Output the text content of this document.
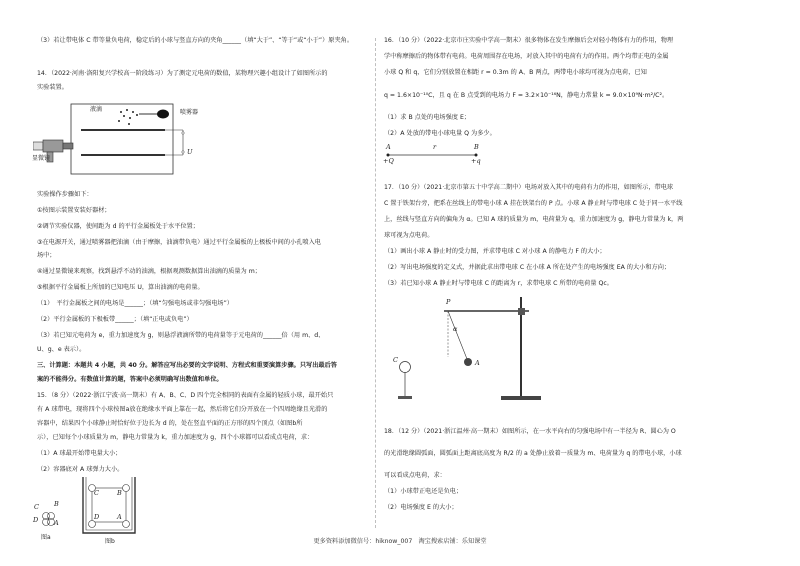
（3）若让带电体 C 带等量负电荷，稳定后的小球与竖直方向的夹角______（填“大于”、“等于”或“小于”）原夹角。
14．（2022·河南·洛阳复兴学校高一阶段练习）为了测定元电荷的数值，某物理兴趣小组设计了如图所示的
实验装置。
显微镜
液滴	喷雾器
U
实验操作步骤如下：
①按图示装置安装好器材；
②调节实验仪器，使间距为 d 的平行金属板处于水平位置；
③在电源开关，通过喷雾器把油滴（由于摩擦，油滴带负电）通过平行金属板的上极板中间的小孔喷入电
场中；
④通过显微镜来观察，找到悬浮不动的油滴，根据观测数据算出油滴的质量为 m；
⑤根据平行金属板上所加的已知电压 U，算出油滴的电荷量。
（1）　平行金属板之间的电场是______；（填“匀强电场或非匀强电场”）
（2）平行金属板的下极板带______；（填“正电或负电”）
（3）若已知元电荷为 e，重力加速度为 g，则悬浮液滴所带的电荷量等于元电荷的______倍（用 m、d、
U、g、e 表示）。
三、计算题：本题共 4 小题，共 40 分。解答应写出必要的文字说明、方程式和重要演算步骤。只写出最后答
案的不能得分。有数值计算的题，答案中必须明确写出数值和单位。
15．（8 分）（2022·浙江宁波·高一期末）有 A、B、C、D 四个完全相同的表面有金属的轻质小球，最开始只
有 A 球带电，现将四个小球按图a放在绝缘水平面上靠在一起，然后将它们分开放在一个四周绝缘且光滑的
容器中，结果四个小球静止时恰好位于边长为 d 的，处在竖直平面的正方形的四个顶点（如图b所
示），已知每个小球质量为 m，静电力常量为 k，重力加速度为 g，四个小球都可以看成点电荷，求：
（1）A 球最开始带电量大小；
（2）容器底对 A 球弹力大小。
C B
D A
图a
C	B
D	A
图b
16．（10 分）（2022·北京市庄实验中学高一期末）很多物体在发生摩擦后会对轻小物体有力的作用，物理
学中称摩擦后的物体带有电荷。电荷周围存在电场，对放入其中的电荷有力的作用。两个均带正电的金属
小球 Q 和 q，它们分别放置在相距 r = 0.3m 的 A、B 两点，两带电小球均可视为点电荷，已知
q = 1.6×10⁻¹⁰C，且 q 在 B 点受到的电场力 F = 3.2×10⁻¹⁶N，静电力常量 k = 9.0×10⁹N·m²/C²。
（1）求 B 点处的电场强度 E；
（2）A 处放的带电小球电量 Q 为多少。
A	r	B
+Q	+q
17．（10 分）（2021·北京市第五十中学高二期中）电场对放入其中的电荷有力的作用，如图所示，带电球
C 置于铁架台旁，把系在丝线上的带电小球 A 挂在铁架台的 P 点。小球 A 静止时与带电球 C 处于同一水平线
上，丝线与竖直方向的偏角为 α。已知 A 球的质量为 m，电荷量为 q，重力加速度为 g，静电力常量为 k，两
球可视为点电荷。
（1）画出小球 A 静止时的受力图，并求带电球 C 对小球 A 的静电力 F 的大小；
（2）写出电场强度的定义式，并据此求出带电球 C 在小球 A 所在处产生的电场强度 EA 的大小和方向；
（3）若已知小球 A 静止时与带电球 C 的距离为 r，求带电球 C 所带的电荷量 Qc。
P
α
C	A
18．（12 分）（2021·浙江温州·高一期末）如图所示，在一水平向右的匀强电场中有一半径为 R、圆心为 O
的光滑绝缘圆弧面，圆弧面上距离底高度为 R/2 的 a 处静止放着一质量为 m、电荷量为 q 的带电小球，小球
可以看成点电荷，求：
（1）小球带正电还是负电；
（2）电场强度 E 的大小；
更多资料添加微信号：hiknow_007　淘宝搜索店铺：乐知课堂
